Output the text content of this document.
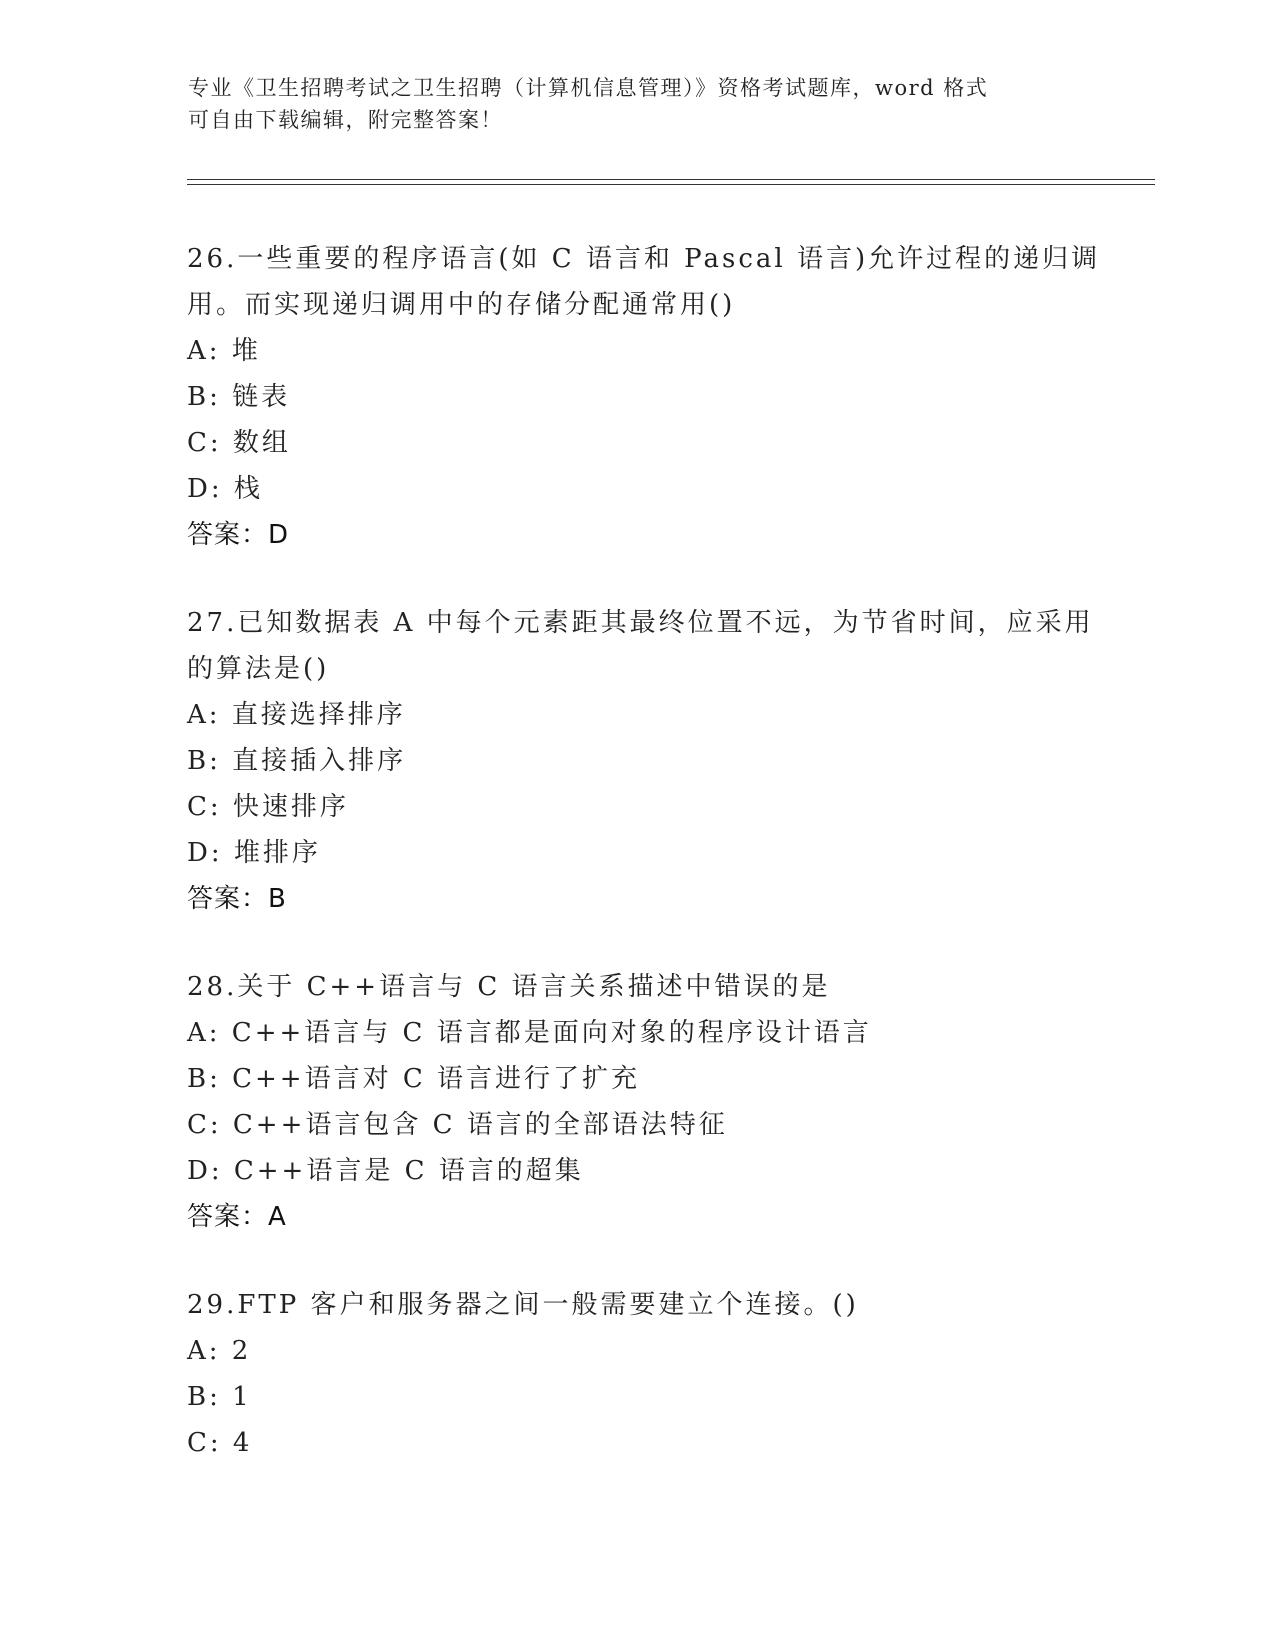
专业《卫生招聘考试之卫生招聘（计算机信息管理）》资格考试题库，word 格式
可自由下载编辑，附完整答案！
26.一些重要的程序语言(如 C 语言和 Pascal 语言)允许过程的递归调
用。而实现递归调用中的存储分配通常用()
A: 堆
B: 链表
C: 数组
D: 栈
答案：D
27.已知数据表 A 中每个元素距其最终位置不远，为节省时间，应采用
的算法是()
A: 直接选择排序
B: 直接插入排序
C: 快速排序
D: 堆排序
答案：B
28.关于 C++语言与 C 语言关系描述中错误的是
A: C++语言与 C 语言都是面向对象的程序设计语言
B: C++语言对 C 语言进行了扩充
C: C++语言包含 C 语言的全部语法特征
D: C++语言是 C 语言的超集
答案：A
29.FTP 客户和服务器之间一般需要建立个连接。()
A: 2
B: 1
C: 4
